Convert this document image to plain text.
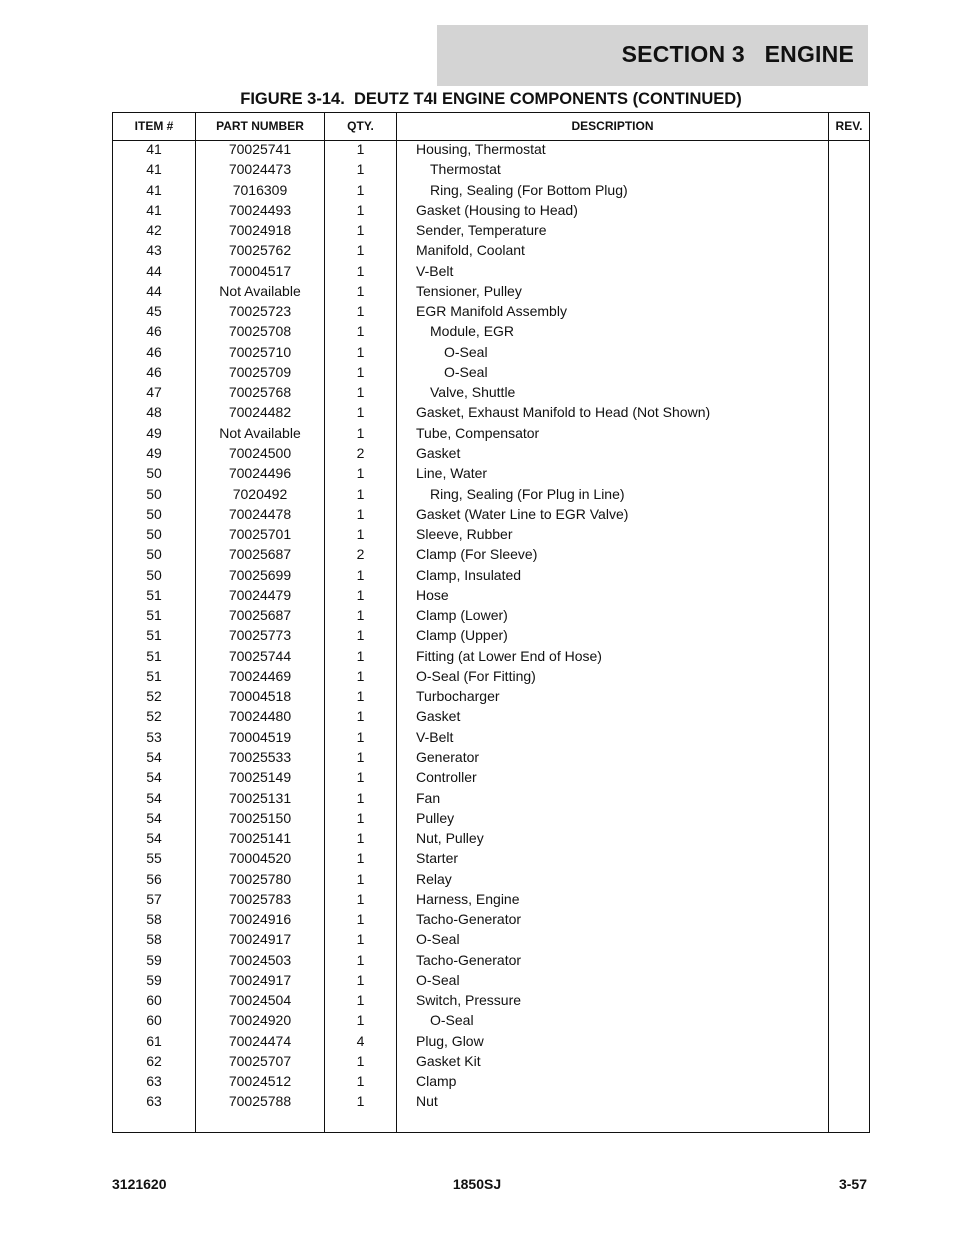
SECTION 3   ENGINE
FIGURE 3-14.  DEUTZ T4I ENGINE COMPONENTS (CONTINUED)
ITEM #	PART NUMBER	QTY.	DESCRIPTION	REV.
41	70025741	1	Housing, Thermostat
41	70024473	1	Thermostat
41	7016309	1	Ring, Sealing (For Bottom Plug)
41	70024493	1	Gasket (Housing to Head)
42	70024918	1	Sender, Temperature
43	70025762	1	Manifold, Coolant
44	70004517	1	V-Belt
44	Not Available	1	Tensioner, Pulley
45	70025723	1	EGR Manifold Assembly
46	70025708	1	Module, EGR
46	70025710	1	O-Seal
46	70025709	1	O-Seal
47	70025768	1	Valve, Shuttle
48	70024482	1	Gasket, Exhaust Manifold to Head (Not Shown)
49	Not Available	1	Tube, Compensator
49	70024500	2	Gasket
50	70024496	1	Line, Water
50	7020492	1	Ring, Sealing (For Plug in Line)
50	70024478	1	Gasket (Water Line to EGR Valve)
50	70025701	1	Sleeve, Rubber
50	70025687	2	Clamp (For Sleeve)
50	70025699	1	Clamp, Insulated
51	70024479	1	Hose
51	70025687	1	Clamp (Lower)
51	70025773	1	Clamp (Upper)
51	70025744	1	Fitting (at Lower End of Hose)
51	70024469	1	O-Seal (For Fitting)
52	70004518	1	Turbocharger
52	70024480	1	Gasket
53	70004519	1	V-Belt
54	70025533	1	Generator
54	70025149	1	Controller
54	70025131	1	Fan
54	70025150	1	Pulley
54	70025141	1	Nut, Pulley
55	70004520	1	Starter
56	70025780	1	Relay
57	70025783	1	Harness, Engine
58	70024916	1	Tacho-Generator
58	70024917	1	O-Seal
59	70024503	1	Tacho-Generator
59	70024917	1	O-Seal
60	70024504	1	Switch, Pressure
60	70024920	1	O-Seal
61	70024474	4	Plug, Glow
62	70025707	1	Gasket Kit
63	70024512	1	Clamp
63	70025788	1	Nut
3121620	1850SJ	3-57
